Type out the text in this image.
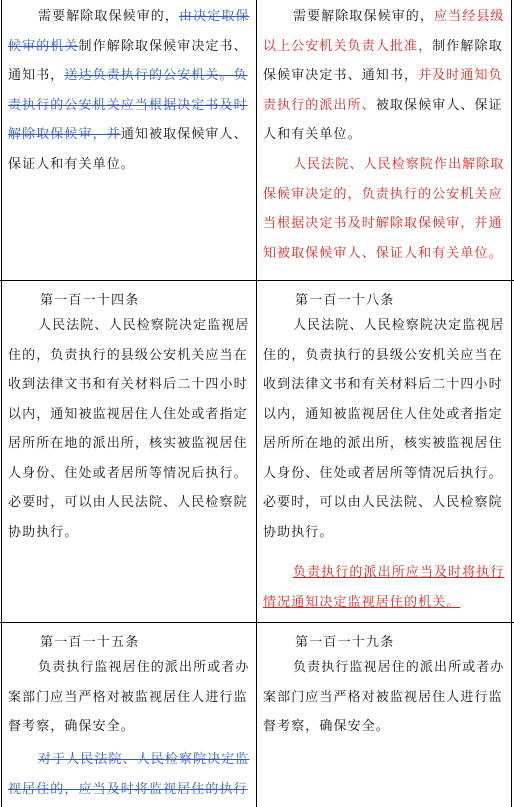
需要解除取保候审的，由决定取保候审的机关制作解除取保候审决定书、通知书，送达负责执行的公安机关。负责执行的公安机关应当根据决定书及时解除取保候审，并通知被取保候审人、保证人和有关单位。

需要解除取保候审的，应当经县级以上公安机关负责人批准，制作解除取保候审决定书、通知书，并及时通知负责执行的派出所、被取保候审人、保证人和有关单位。

人民法院、人民检察院作出解除取保候审决定的，负责执行的公安机关应当根据决定书及时解除取保候审，并通知被取保候审人、保证人和有关单位。

第一百一十四条

人民法院、人民检察院决定监视居住的，负责执行的县级公安机关应当在收到法律文书和有关材料后二十四小时以内，通知被监视居住人住处或者指定居所所在地的派出所，核实被监视居住人身份、住处或者居所等情况后执行。必要时，可以由人民法院、人民检察院协助执行。

第一百一十八条

人民法院、人民检察院决定监视居住的，负责执行的县级公安机关应当在收到法律文书和有关材料后二十四小时以内，通知被监视居住人住处或者指定居所所在地的派出所，核实被监视居住人身份、住处或者居所等情况后执行。必要时，可以由人民法院、人民检察院协助执行。

负责执行的派出所应当及时将执行情况通知决定监视居住的机关。

第一百一十五条

负责执行监视居住的派出所或者办案部门应当严格对被监视居住人进行监督考察，确保安全。

对于人民法院、人民检察院决定监视居住的，应当及时将监视居住的执行

第一百一十九条

负责执行监视居住的派出所或者办案部门应当严格对被监视居住人进行监督考察，确保安全。
